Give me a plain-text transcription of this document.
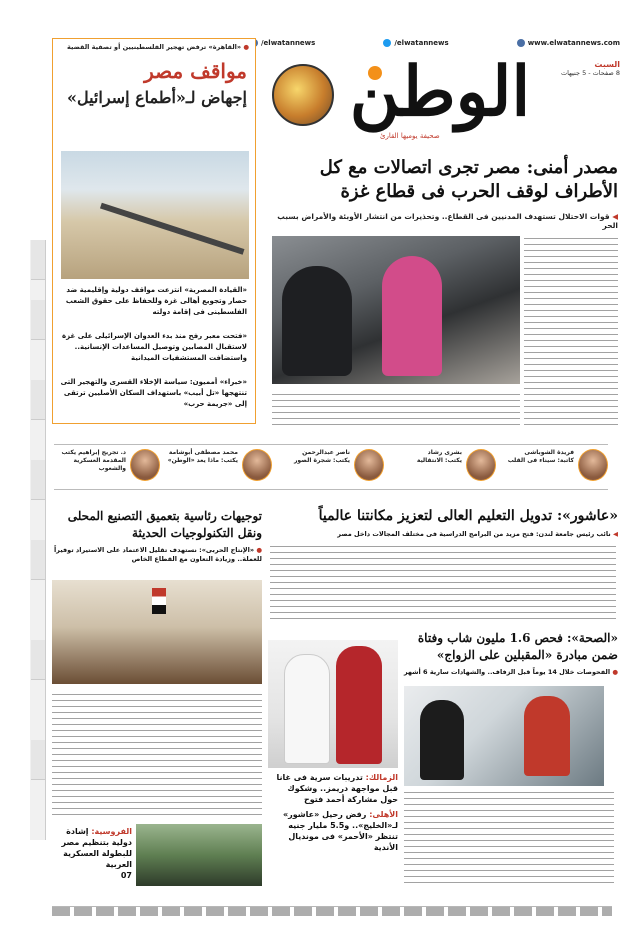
/elwatannews	/elwatannews	www.elwatannews.com
الوطن
صحيفة يوميها القارئ
السبت
8 صفحات - 5 جنيهات
مصدر أمنى: مصر تجرى اتصالات مع كل الأطراف لوقف الحرب فى قطاع غزة
◀ قوات الاحتلال تستهدف المدنيين فى القطاع.. وتحذيرات من انتشار الأوبئة والأمراض بسبب الحر
● «القاهرة» ترفض تهجير الفلسطينيين أو تصفية القضية
مواقف مصر
إجهاض لـ«أطماع إسرائيل»
«القيادة المصرية» انتزعت مواقف دولية وإقليمية ضد حصار وتجويع أهالى غزة وللحفاظ على حقوق الشعب الفلسطينى فى إقامة دولته
«فتحت معبر رفح منذ بدء العدوان الإسرائيلى على غزة لاستقبال المصابين وتوصيل المساعدات الإنسانية.. واستضافت المستشفيات الميدانية
«خبراء» أمميون: سياسة الإخلاء القسرى والتهجير التى تنتهجها «تل أبيب» باستهداف السكان الأصليين ترتقى إلى «جريمة حرب»
فريدة الشوباشى
كاتبة: سيناء فى القلب
بشرى رشاد
يكتب: الانتقالية
ناصر عبدالرحمن
يكتب: شجرة الصور
محمد مصطفى أبوشامة
يكتب: ماذا يعد «الوطن»
د. تجريج إبراهيم يكتب
المقدمة العسكرية والشعوب
«عاشور»: تدويل التعليم العالى لتعزيز مكانتنا عالمياً
◀ نائب رئيس جامعة لندن: فتح مزيد من البرامج الدراسية فى مختلف المجالات داخل مصر
توجيهات رئاسية بتعميق التصنيع المحلى ونقل التكنولوجيات الحديثة
● «الإنتاج الحربى»: نستهدف تقليل الاعتماد على الاستيراد توفيراً للعملة.. وزيادة التعاون مع القطاع الخاص
«الصحة»: فحص 1.6 مليون شاب وفتاة ضمن مبادرة «المقبلين على الزواج»
● الفحوصات خلال 14 يوماً قبل الزفاف.. والشهادات سارية 6 أشهر
الزمالك: تدريبات سرية فى غانا قبل مواجهة دريمز.. وشكوك حول مشاركة أحمد فتوح
الأهلى: رفض رحيل «عاشور» لـ«الخليج».. و5.5 مليار جنيه تنتظر «الأحمر» فى مونديال الأندية
الفروسية: إشادة دولية بتنظيم مصر للبطولة العسكرية العربية
07
